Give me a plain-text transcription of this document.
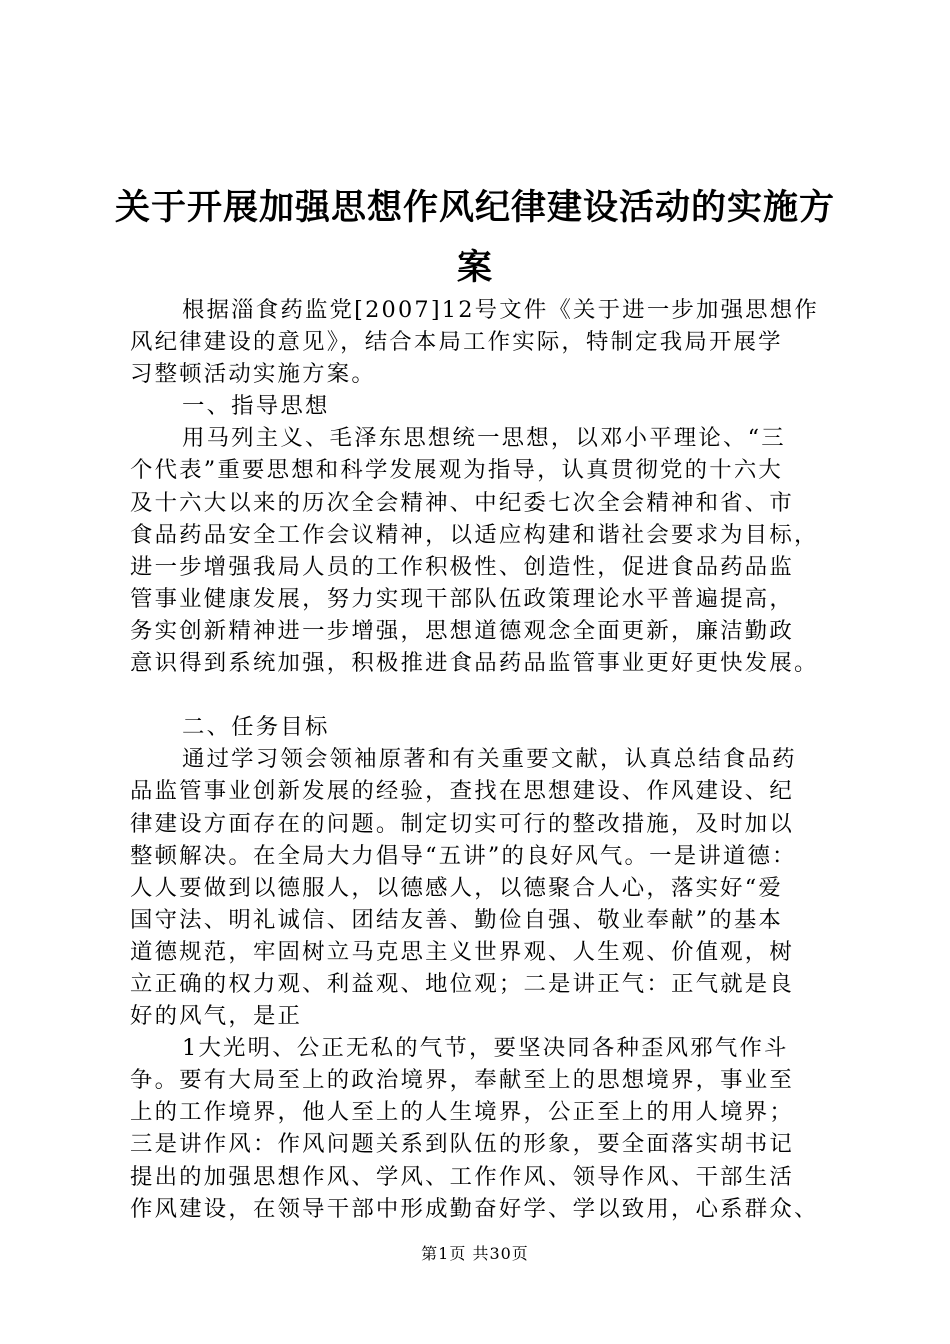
关于开展加强思想作风纪律建设活动的实施方
案
根据淄食药监党[2007]12号文件《关于进一步加强思想作
风纪律建设的意见》，结合本局工作实际，特制定我局开展学
习整顿活动实施方案。
一、指导思想
用马列主义、毛泽东思想统一思想，以邓小平理论、“三
个代表”重要思想和科学发展观为指导，认真贯彻党的十六大
及十六大以来的历次全会精神、中纪委七次全会精神和省、市
食品药品安全工作会议精神，以适应构建和谐社会要求为目标，
进一步增强我局人员的工作积极性、创造性，促进食品药品监
管事业健康发展，努力实现干部队伍政策理论水平普遍提高，
务实创新精神进一步增强，思想道德观念全面更新，廉洁勤政
意识得到系统加强，积极推进食品药品监管事业更好更快发展。
二、任务目标
通过学习领会领袖原著和有关重要文献，认真总结食品药
品监管事业创新发展的经验，查找在思想建设、作风建设、纪
律建设方面存在的问题。制定切实可行的整改措施，及时加以
整顿解决。在全局大力倡导“五讲”的良好风气。一是讲道德：
人人要做到以德服人，以德感人，以德聚合人心，落实好“爱
国守法、明礼诚信、团结友善、勤俭自强、敬业奉献”的基本
道德规范，牢固树立马克思主义世界观、人生观、价值观，树
立正确的权力观、利益观、地位观；二是讲正气：正气就是良
好的风气，是正
1大光明、公正无私的气节，要坚决同各种歪风邪气作斗
争。要有大局至上的政治境界，奉献至上的思想境界，事业至
上的工作境界，他人至上的人生境界，公正至上的用人境界；
三是讲作风：作风问题关系到队伍的形象，要全面落实胡书记
提出的加强思想作风、学风、工作作风、领导作风、干部生活
作风建设，在领导干部中形成勤奋好学、学以致用，心系群众、
第1页 共30页
